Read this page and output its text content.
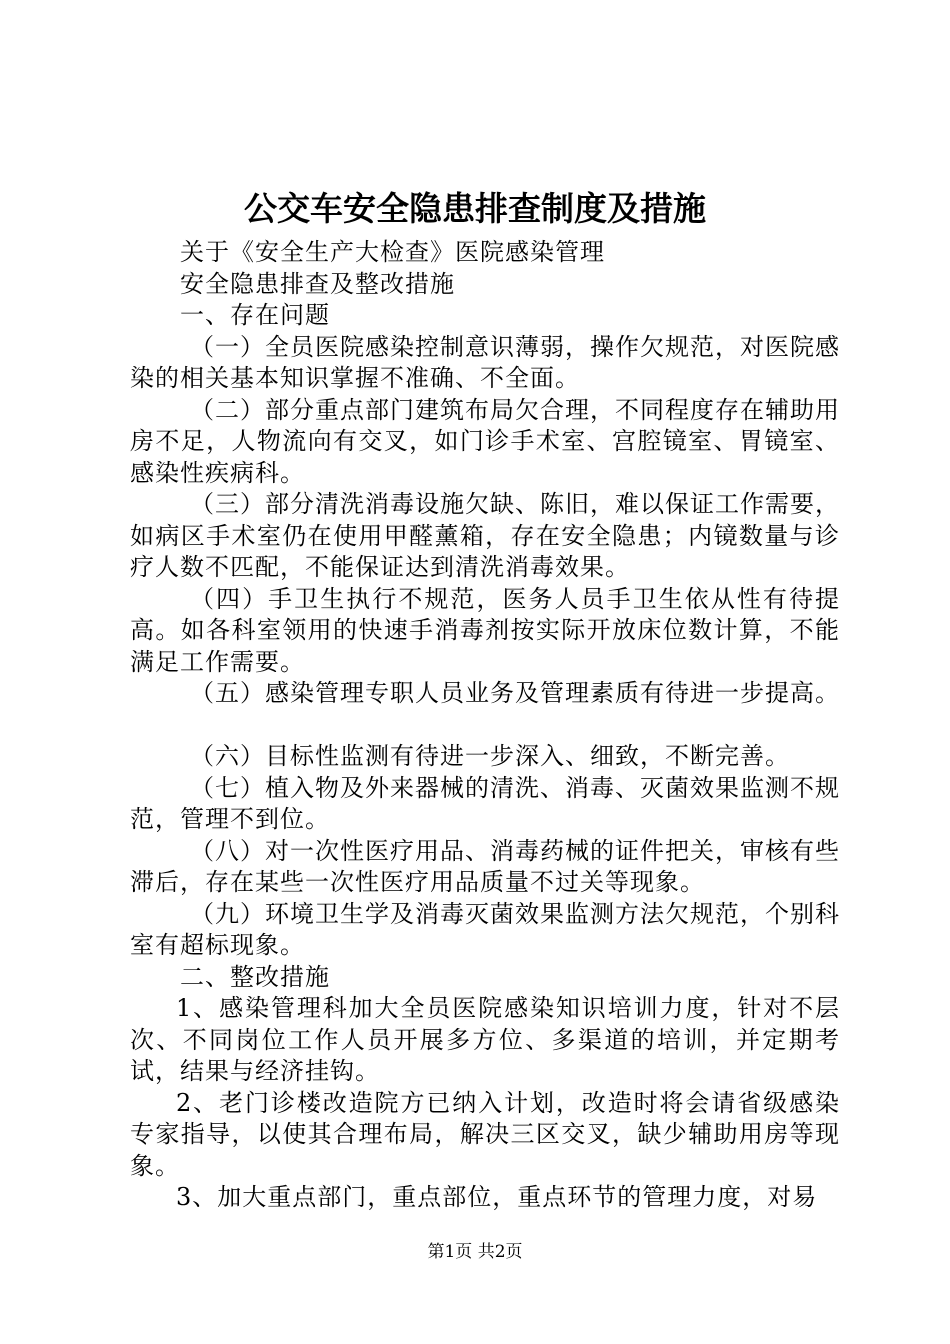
公交车安全隐患排查制度及措施

关于《安全生产大检查》医院感染管理

安全隐患排查及整改措施

一、存在问题

（一）全员医院感染控制意识薄弱，操作欠规范，对医院感染的相关基本知识掌握不准确、不全面。

（二）部分重点部门建筑布局欠合理，不同程度存在辅助用房不足，人物流向有交叉，如门诊手术室、宫腔镜室、胃镜室、感染性疾病科。

（三）部分清洗消毒设施欠缺、陈旧，难以保证工作需要，如病区手术室仍在使用甲醛薰箱，存在安全隐患；内镜数量与诊疗人数不匹配，不能保证达到清洗消毒效果。

（四）手卫生执行不规范，医务人员手卫生依从性有待提高。如各科室领用的快速手消毒剂按实际开放床位数计算，不能满足工作需要。

（五）感染管理专职人员业务及管理素质有待进一步提高。

（六）目标性监测有待进一步深入、细致，不断完善。

（七）植入物及外来器械的清洗、消毒、灭菌效果监测不规范，管理不到位。

（八）对一次性医疗用品、消毒药械的证件把关，审核有些滞后，存在某些一次性医疗用品质量不过关等现象。

（九）环境卫生学及消毒灭菌效果监测方法欠规范，个别科室有超标现象。

二、整改措施

1、感染管理科加大全员医院感染知识培训力度，针对不层次、不同岗位工作人员开展多方位、多渠道的培训，并定期考试，结果与经济挂钩。

2、老门诊楼改造院方已纳入计划，改造时将会请省级感染专家指导，以使其合理布局，解决三区交叉，缺少辅助用房等现象。

3、加大重点部门，重点部位，重点环节的管理力度，对易

第1页 共2页
